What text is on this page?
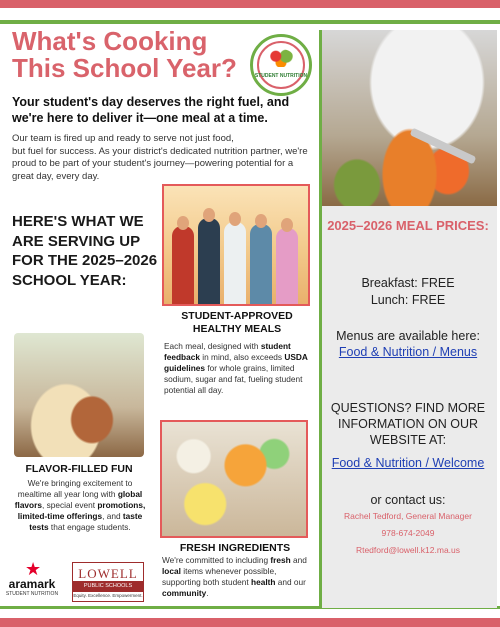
What's Cooking This School Year?	STUDENT NUTRITION
Your student's day deserves the right fuel, and we're here to deliver it—one meal at a time.
Our team is fired up and ready to serve not just food,
but fuel for success. As your district's dedicated nutrition partner, we're proud to be part of your student's journey—powering potential for a great day, every day.
HERE'S WHAT WE ARE SERVING UP FOR THE 2025–2026 SCHOOL YEAR:
STUDENT-APPROVED HEALTHY MEALS
Each meal, designed with student feedback in mind, also exceeds USDA guidelines for whole grains, limited sodium, sugar and fat, fueling student potential all day.
FLAVOR-FILLED FUN
We're bringing excitement to mealtime all year long with global flavors, special event promotions, limited-time offerings, and taste tests that engage students.
FRESH INGREDIENTS
We're committed to including fresh and local items whenever possible, supporting both student health and our community.
2025–2026 MEAL PRICES:
Breakfast: FREE
Lunch: FREE
Menus are available here:
Food & Nutrition / Menus
QUESTIONS? FIND MORE INFORMATION ON OUR WEBSITE AT:
Food & Nutrition / Welcome
or contact us:
Rachel Tedford, General Manager
978-674-2049
Rtedford@lowell.k12.ma.us
★
aramark
STUDENT NUTRITION
LOWELL
PUBLIC SCHOOLS
Equity. Excellence. Empowerment.
